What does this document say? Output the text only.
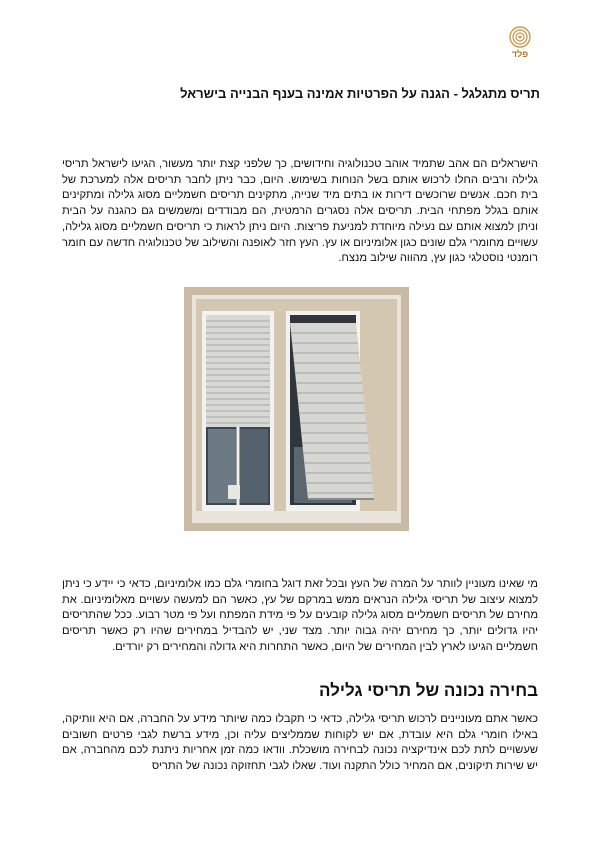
פלד
תריס מתגלגל - הגנה על הפרטיות אמינה בענף הבנייה בישראל

הישראלים הם אהב שתמיד אוהב טכנולוגיה וחידושים, כך שלפני קצת יותר מעשור, הגיעו לישראל תריסי גלילה ורבים החלו לרכוש אותם בשל הנוחות בשימוש. היום, כבר ניתן לחבר תריסים אלה למערכת של בית חכם. אנשים שרוכשים דירות או בתים מיד שנייה, מתקינים תריסים חשמליים מסוג גלילה ומתקינים אותם בגלל מפתחי הבית. תריסים אלה נסגרים הרמטית, הם מבודדים ומשמשים גם כהגנה על הבית וניתן למצוא אותם עם נעילה מיוחדת למניעת פריצות. היום ניתן לראות כי תריסים חשמליים מסוג גלילה, עשויים מחומרי גלם שונים כגון אלומיניום או עץ. העץ חזר לאופנה והשילוב של טכנולוגיה חדשה עם חומר רומנטי נוסטלגי כגון עץ, מהווה שילוב מנצח.

מי שאינו מעוניין לוותר על המרה של העץ ובכל זאת דוגל בחומרי גלם כמו אלומיניום, כדאי כי יידע כי ניתן למצוא עיצוב של תריסי גלילה הנראים ממש במרקם של עץ, כאשר הם למעשה עשויים מאלומיניום. את מחירם של תריסים חשמליים מסוג גלילה קובעים על פי מידת המפתח ועל פי מטר רבוע. ככל שהתריסים יהיו גדולים יותר, כך מחירם יהיה גבוה יותר. מצד שני, יש להבדיל במחירים שהיו רק כאשר תריסים חשמליים הגיעו לארץ לבין המחירים של היום, כאשר התחרות היא גדולה והמחירים רק יורדים.

בחירה נכונה של תריסי גלילה

כאשר אתם מעוניינים לרכוש תריסי גלילה, כדאי כי תקבלו כמה שיותר מידע על החברה, אם היא וותיקה, באילו חומרי גלם היא עובדת, אם יש לקוחות שממליצים עליה וכן, מידע ברשת לגבי פרטים חשובים שעשויים לתת לכם אינדיקציה נכונה לבחירה מושכלת. וודאו כמה זמן אחריות ניתנת לכם מהחברה, אם יש שירות תיקונים, אם המחיר כולל התקנה ועוד. שאלו לגבי תחזוקה נכונה של התריס
